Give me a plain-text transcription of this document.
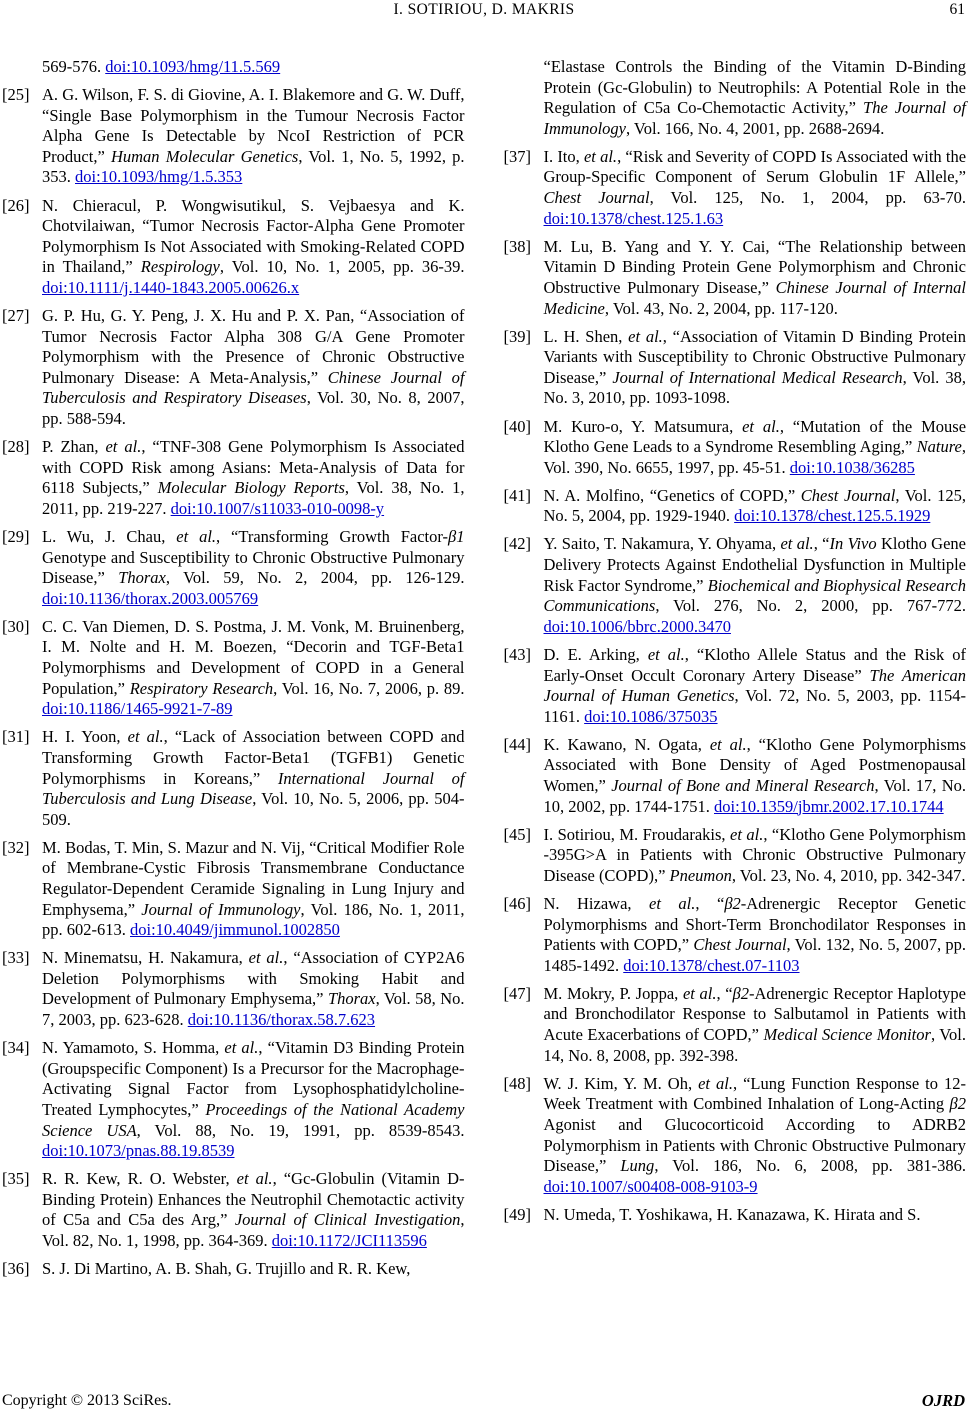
I. SOTIRIOU, D. MAKRIS	61
569-576. doi:10.1093/hmg/11.5.569
[25] A. G. Wilson, F. S. di Giovine, A. I. Blakemore and G. W. Duff, “Single Base Polymorphism in the Tumour Necrosis Factor Alpha Gene Is Detectable by NcoI Restriction of PCR Product,” Human Molecular Genetics, Vol. 1, No. 5, 1992, p. 353. doi:10.1093/hmg/1.5.353
[26] N. Chieracul, P. Wongwisutikul, S. Vejbaesya and K. Chotvilaiwan, “Tumor Necrosis Factor-Alpha Gene Promoter Polymorphism Is Not Associated with Smoking-Related COPD in Thailand,” Respirology, Vol. 10, No. 1, 2005, pp. 36-39. doi:10.1111/j.1440-1843.2005.00626.x
[27] G. P. Hu, G. Y. Peng, J. X. Hu and P. X. Pan, “Association of Tumor Necrosis Factor Alpha 308 G/A Gene Promoter Polymorphism with the Presence of Chronic Obstructive Pulmonary Disease: A Meta-Analysis,” Chinese Journal of Tuberculosis and Respiratory Diseases, Vol. 30, No. 8, 2007, pp. 588-594.
[28] P. Zhan, et al., “TNF-308 Gene Polymorphism Is Associated with COPD Risk among Asians: Meta-Analysis of Data for 6118 Subjects,” Molecular Biology Reports, Vol. 38, No. 1, 2011, pp. 219-227. doi:10.1007/s11033-010-0098-y
[29] L. Wu, J. Chau, et al., “Transforming Growth Factor-β1 Genotype and Susceptibility to Chronic Obstructive Pulmonary Disease,” Thorax, Vol. 59, No. 2, 2004, pp. 126-129. doi:10.1136/thorax.2003.005769
[30] C. C. Van Diemen, D. S. Postma, J. M. Vonk, M. Bruinenberg, I. M. Nolte and H. M. Boezen, “Decorin and TGF-Beta1 Polymorphisms and Development of COPD in a General Population,” Respiratory Research, Vol. 16, No. 7, 2006, p. 89. doi:10.1186/1465-9921-7-89
[31] H. I. Yoon, et al., “Lack of Association between COPD and Transforming Growth Factor-Beta1 (TGFB1) Genetic Polymorphisms in Koreans,” International Journal of Tuberculosis and Lung Disease, Vol. 10, No. 5, 2006, pp. 504-509.
[32] M. Bodas, T. Min, S. Mazur and N. Vij, “Critical Modifier Role of Membrane-Cystic Fibrosis Transmembrane Conductance Regulator-Dependent Ceramide Signaling in Lung Injury and Emphysema,” Journal of Immunology, Vol. 186, No. 1, 2011, pp. 602-613. doi:10.4049/jimmunol.1002850
[33] N. Minematsu, H. Nakamura, et al., “Association of CYP2A6 Deletion Polymorphisms with Smoking Habit and Development of Pulmonary Emphysema,” Thorax, Vol. 58, No. 7, 2003, pp. 623-628. doi:10.1136/thorax.58.7.623
[34] N. Yamamoto, S. Homma, et al., “Vitamin D3 Binding Protein (Groupspecific Component) Is a Precursor for the Macrophage-Activating Signal Factor from Lysophosphatidylcholine-Treated Lymphocytes,” Proceedings of the National Academy Science USA, Vol. 88, No. 19, 1991, pp. 8539-8543. doi:10.1073/pnas.88.19.8539
[35] R. R. Kew, R. O. Webster, et al., “Gc-Globulin (Vitamin D-Binding Protein) Enhances the Neutrophil Chemotactic activity of C5a and C5a des Arg,” Journal of Clinical Investigation, Vol. 82, No. 1, 1998, pp. 364-369. doi:10.1172/JCI113596
[36] S. J. Di Martino, A. B. Shah, G. Trujillo and R. R. Kew,
“Elastase Controls the Binding of the Vitamin D-Binding Protein (Gc-Globulin) to Neutrophils: A Potential Role in the Regulation of C5a Co-Chemotactic Activity,” The Journal of Immunology, Vol. 166, No. 4, 2001, pp. 2688-2694.
[37] I. Ito, et al., “Risk and Severity of COPD Is Associated with the Group-Specific Component of Serum Globulin 1F Allele,” Chest Journal, Vol. 125, No. 1, 2004, pp. 63-70. doi:10.1378/chest.125.1.63
[38] M. Lu, B. Yang and Y. Y. Cai, “The Relationship between Vitamin D Binding Protein Gene Polymorphism and Chronic Obstructive Pulmonary Disease,” Chinese Journal of Internal Medicine, Vol. 43, No. 2, 2004, pp. 117-120.
[39] L. H. Shen, et al., “Association of Vitamin D Binding Protein Variants with Susceptibility to Chronic Obstructive Pulmonary Disease,” Journal of International Medical Research, Vol. 38, No. 3, 2010, pp. 1093-1098.
[40] M. Kuro-o, Y. Matsumura, et al., “Mutation of the Mouse Klotho Gene Leads to a Syndrome Resembling Aging,” Nature, Vol. 390, No. 6655, 1997, pp. 45-51. doi:10.1038/36285
[41] N. A. Molfino, “Genetics of COPD,” Chest Journal, Vol. 125, No. 5, 2004, pp. 1929-1940. doi:10.1378/chest.125.5.1929
[42] Y. Saito, T. Nakamura, Y. Ohyama, et al., “In Vivo Klotho Gene Delivery Protects Against Endothelial Dysfunction in Multiple Risk Factor Syndrome,” Biochemical and Biophysical Research Communications, Vol. 276, No. 2, 2000, pp. 767-772. doi:10.1006/bbrc.2000.3470
[43] D. E. Arking, et al., “Klotho Allele Status and the Risk of Early-Onset Occult Coronary Artery Disease” The American Journal of Human Genetics, Vol. 72, No. 5, 2003, pp. 1154-1161. doi:10.1086/375035
[44] K. Kawano, N. Ogata, et al., “Klotho Gene Polymorphisms Associated with Bone Density of Aged Postmenopausal Women,” Journal of Bone and Mineral Research, Vol. 17, No. 10, 2002, pp. 1744-1751. doi:10.1359/jbmr.2002.17.10.1744
[45] I. Sotiriou, M. Froudarakis, et al., “Klotho Gene Polymorphism -395G>A in Patients with Chronic Obstructive Pulmonary Disease (COPD),” Pneumon, Vol. 23, No. 4, 2010, pp. 342-347.
[46] N. Hizawa, et al., “β2-Adrenergic Receptor Genetic Polymorphisms and Short-Term Bronchodilator Responses in Patients with COPD,” Chest Journal, Vol. 132, No. 5, 2007, pp. 1485-1492. doi:10.1378/chest.07-1103
[47] M. Mokry, P. Joppa, et al., “β2-Adrenergic Receptor Haplotype and Bronchodilator Response to Salbutamol in Patients with Acute Exacerbations of COPD,” Medical Science Monitor, Vol. 14, No. 8, 2008, pp. 392-398.
[48] W. J. Kim, Y. M. Oh, et al., “Lung Function Response to 12-Week Treatment with Combined Inhalation of Long-Acting β2 Agonist and Glucocorticoid According to ADRB2 Polymorphism in Patients with Chronic Obstructive Pulmonary Disease,” Lung, Vol. 186, No. 6, 2008, pp. 381-386. doi:10.1007/s00408-008-9103-9
[49] N. Umeda, T. Yoshikawa, H. Kanazawa, K. Hirata and S.
Copyright © 2013 SciRes.	OJRD
